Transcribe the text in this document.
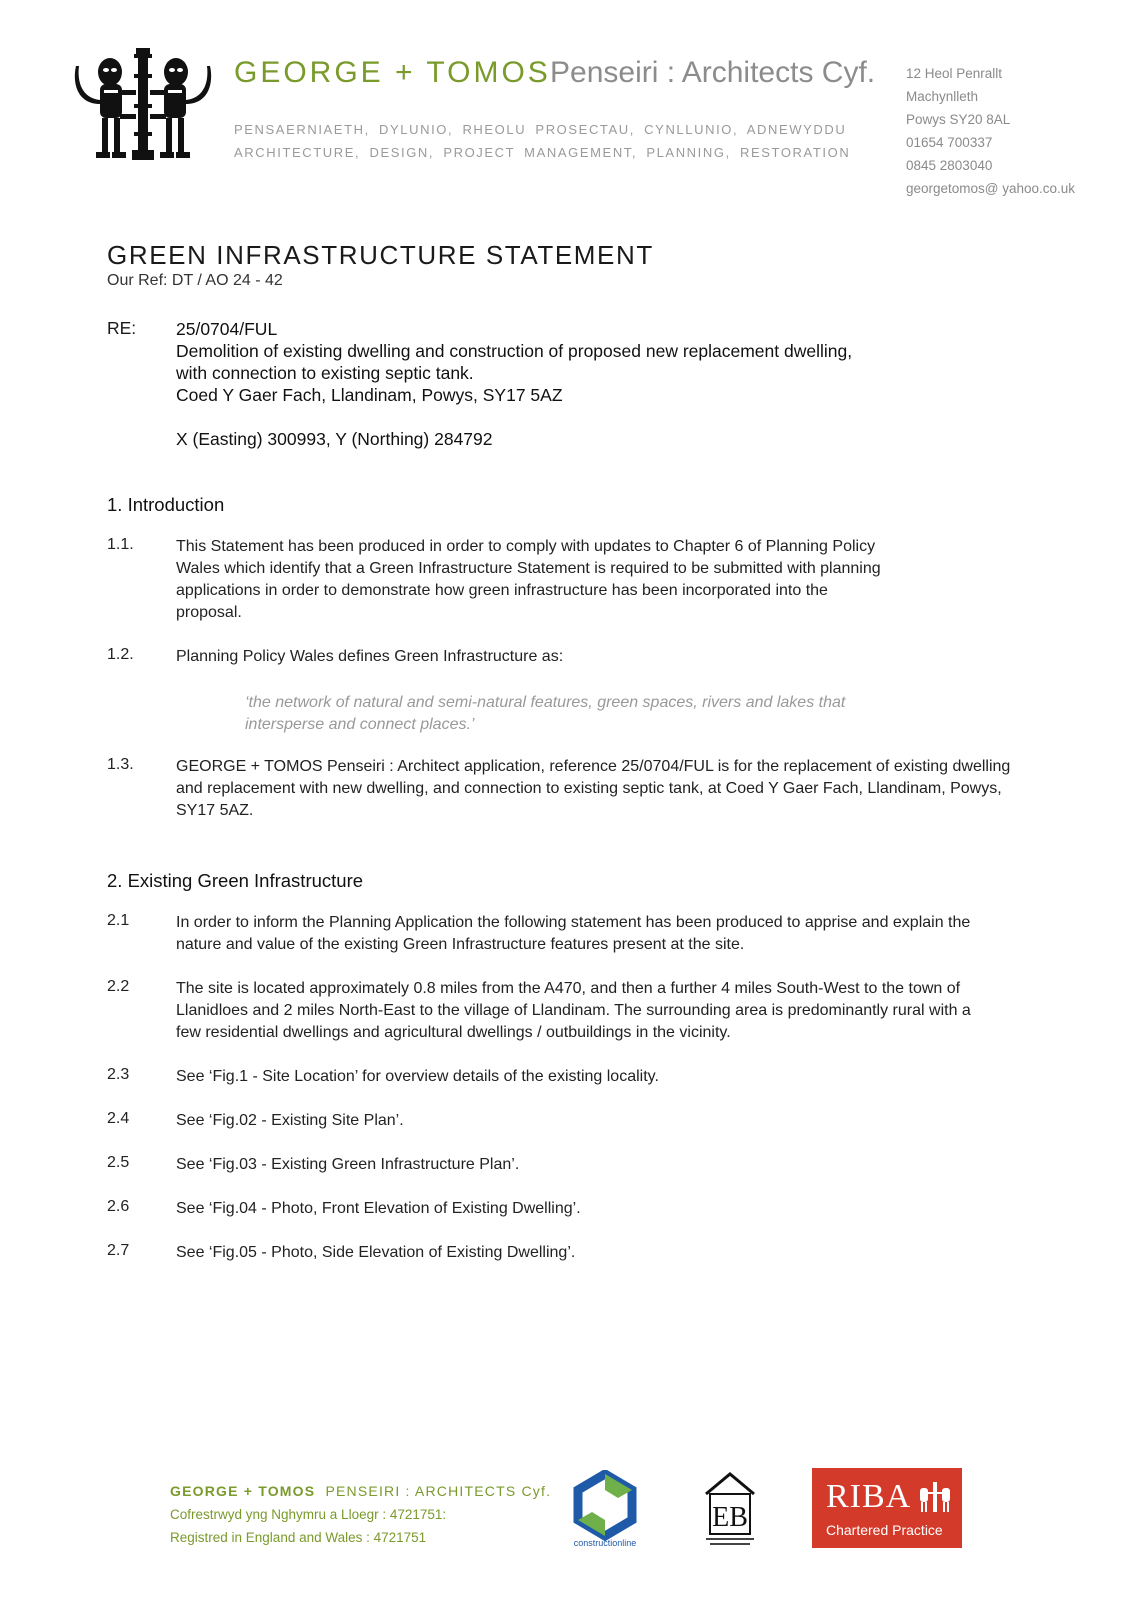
GEORGE + TOMOS Penseiri : Architects Cyf.
PENSAERNIAETH, DYLUNIO, RHEOLU PROSECTAU, CYNLLUNIO, ADNEWYDDU
ARCHITECTURE, DESIGN, PROJECT MANAGEMENT, PLANNING, RESTORATION
12 Heol Penrallt
Machynlleth
Powys SY20 8AL
01654 700337
0845 2803040
georgetomos@ yahoo.co.uk
GREEN INFRASTRUCTURE STATEMENT
Our Ref: DT / AO 24 - 42
RE: 25/0704/FUL
Demolition of existing dwelling and construction of proposed new replacement dwelling,
with connection to existing septic tank.
Coed Y Gaer Fach, Llandinam, Powys, SY17 5AZ
X (Easting) 300993, Y (Northing) 284792
1. Introduction
1.1.	This Statement has been produced in order to comply with updates to Chapter 6 of Planning Policy Wales which identify that a Green Infrastructure Statement is required to be submitted with planning applications in order to demonstrate how green infrastructure has been incorporated into the proposal.
1.2.	Planning Policy Wales defines Green Infrastructure as:
‘the network of natural and semi-natural features, green spaces, rivers and lakes that intersperse and connect places.’
1.3.	GEORGE + TOMOS Penseiri : Architect application, reference 25/0704/FUL is for the replacement of existing dwelling and replacement with new dwelling, and connection to existing septic tank, at Coed Y Gaer Fach, Llandinam, Powys, SY17 5AZ.
2. Existing Green Infrastructure
2.1	In order to inform the Planning Application the following statement has been produced to apprise and explain the nature and value of the existing Green Infrastructure features present at the site.
2.2	The site is located approximately 0.8 miles from the A470, and then a further 4 miles South-West to the town of Llanidloes and 2 miles North-East to the village of Llandinam. The surrounding area is predominantly rural with a few residential dwellings and agricultural dwellings / outbuildings in the vicinity.
2.3	See ‘Fig.1 - Site Location’ for overview details of the existing locality.
2.4	See ‘Fig.02 - Existing Site Plan’.
2.5	See ‘Fig.03 - Existing Green Infrastructure Plan’.
2.6	See ‘Fig.04 - Photo, Front Elevation of Existing Dwelling’.
2.7	See ‘Fig.05 - Photo, Side Elevation of Existing Dwelling’.
GEORGE + TOMOS PENSEIRI : ARCHITECTS Cyf.
Cofrestrwyd yng Nghymru a Lloegr : 4721751:
Registred in England and Wales : 4721751	constructionline
EB
RIBA
Chartered Practice
